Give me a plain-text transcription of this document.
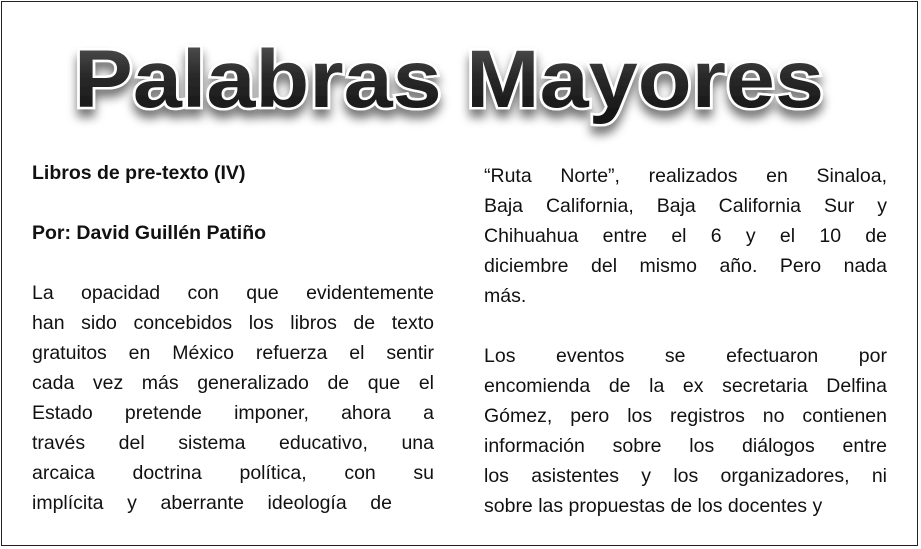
Palabras Mayores

Libros de pre-texto (IV)

Por: David Guillén Patiño

La opacidad con que evidentemente
han sido concebidos los libros de texto
gratuitos en México refuerza el sentir
cada vez más generalizado de que el
Estado pretende imponer, ahora a
través del sistema educativo, una
arcaica doctrina política, con su
implícita y aberrante ideología de
“Ruta Norte”, realizados en Sinaloa,
Baja California, Baja California Sur y
Chihuahua entre el 6 y el 10 de
diciembre del mismo año. Pero nada
más.
Los eventos se efectuaron por
encomienda de la ex secretaria Delfina
Gómez, pero los registros no contienen
información sobre los diálogos entre
los asistentes y los organizadores, ni
sobre las propuestas de los docentes y
